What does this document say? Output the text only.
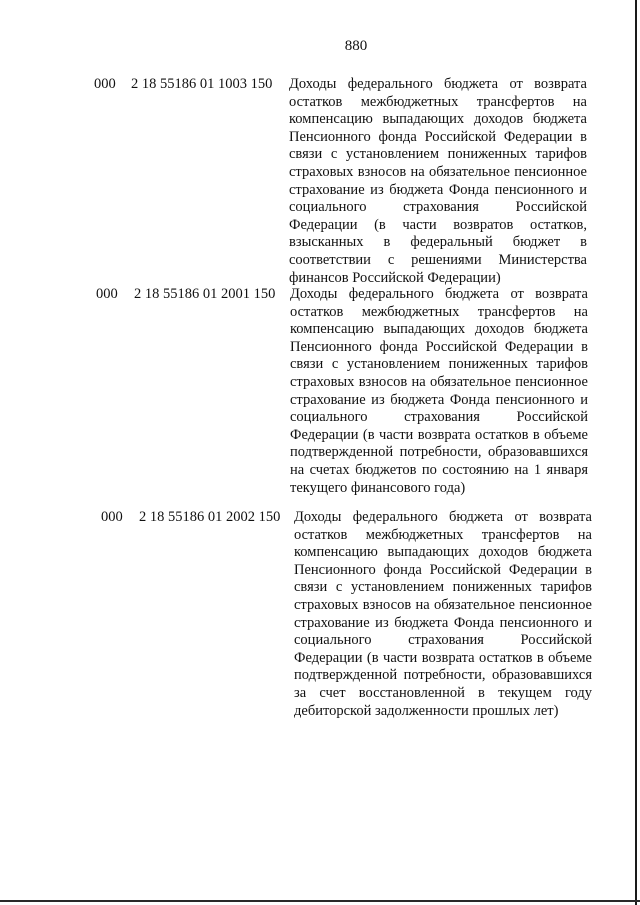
880
000 2 18 55186 01 1003 150 Доходы федерального бюджета от возврата остатков межбюджетных трансфертов на компенсацию выпадающих доходов бюджета Пенсионного фонда Российской Федерации в связи с установлением пониженных тарифов страховых взносов на обязательное пенсионное страхование из бюджета Фонда пенсионного и социального страхования Российской Федерации (в части возвратов остатков, взысканных в федеральный бюджет в соответствии с решениями Министерства финансов Российской Федерации)
000 2 18 55186 01 2001 150 Доходы федерального бюджета от возврата остатков межбюджетных трансфертов на компенсацию выпадающих доходов бюджета Пенсионного фонда Российской Федерации в связи с установлением пониженных тарифов страховых взносов на обязательное пенсионное страхование из бюджета Фонда пенсионного и социального страхования Российской Федерации (в части возврата остатков в объеме подтвержденной потребности, образовавшихся на счетах бюджетов по состоянию на 1 января текущего финансового года)
000 2 18 55186 01 2002 150 Доходы федерального бюджета от возврата остатков межбюджетных трансфертов на компенсацию выпадающих доходов бюджета Пенсионного фонда Российской Федерации в связи с установлением пониженных тарифов страховых взносов на обязательное пенсионное страхование из бюджета Фонда пенсионного и социального страхования Российской Федерации (в части возврата остатков в объеме подтвержденной потребности, образовавшихся за счет восстановленной в текущем году дебиторской задолженности прошлых лет)
